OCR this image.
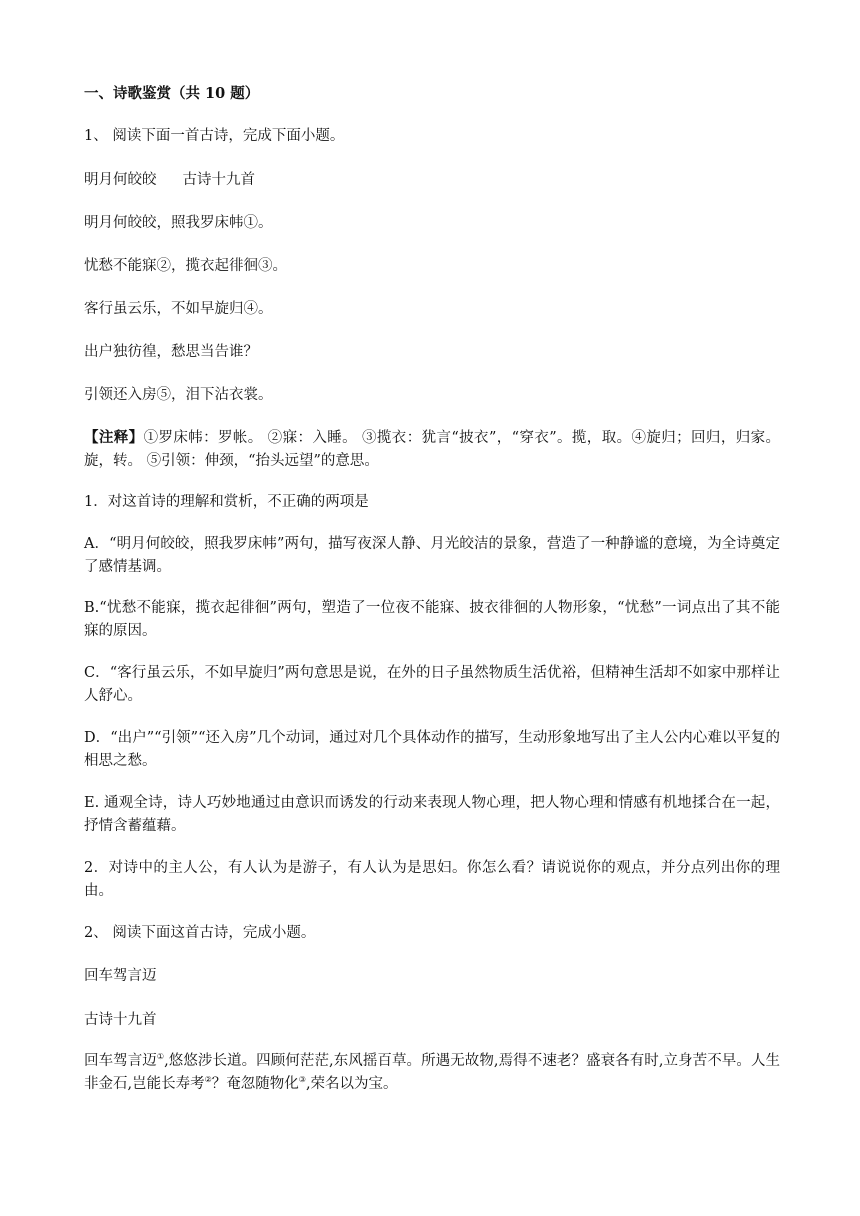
一、诗歌鉴赏（共 10 题）
1、 阅读下面一首古诗，完成下面小题。
明月何皎皎 古诗十九首
明月何皎皎，照我罗床帏①。
忧愁不能寐②，揽衣起徘徊③。
客行虽云乐，不如早旋归④。
出户独彷徨，愁思当告谁？
引领还入房⑤，泪下沾衣裳。
【注释】①罗床帏：罗帐。 ②寐：入睡。 ③揽衣：犹言“披衣”，“穿衣”。揽，取。④旋归；回归，归家。旋，转。 ⑤引领：伸颈，“抬头远望”的意思。
1．对这首诗的理解和赏析，不正确的两项是
A．“明月何皎皎，照我罗床帏”两句，描写夜深人静、月光皎洁的景象，营造了一种静谧的意境，为全诗奠定了感情基调。
B.“忧愁不能寐，揽衣起徘徊”两句，塑造了一位夜不能寐、披衣徘徊的人物形象，“忧愁”一词点出了其不能寐的原因。
C．“客行虽云乐，不如早旋归”两句意思是说，在外的日子虽然物质生活优裕，但精神生活却不如家中那样让人舒心。
D．“出户”“引领”“还入房”几个动词，通过对几个具体动作的描写，生动形象地写出了主人公内心难以平复的相思之愁。
E. 通观全诗，诗人巧妙地通过由意识而诱发的行动来表现人物心理，把人物心理和情感有机地揉合在一起，抒情含蓄蕴藉。
2．对诗中的主人公，有人认为是游子，有人认为是思妇。你怎么看？请说说你的观点，并分点列出你的理由。
2、 阅读下面这首古诗，完成小题。
回车驾言迈
古诗十九首
回车驾言迈①,悠悠涉长道。四顾何茫茫,东风摇百草。所遇无故物,焉得不速老？盛衰各有时,立身苦不早。人生非金石,岂能长寿考②？奄忽随物化③,荣名以为宝。
